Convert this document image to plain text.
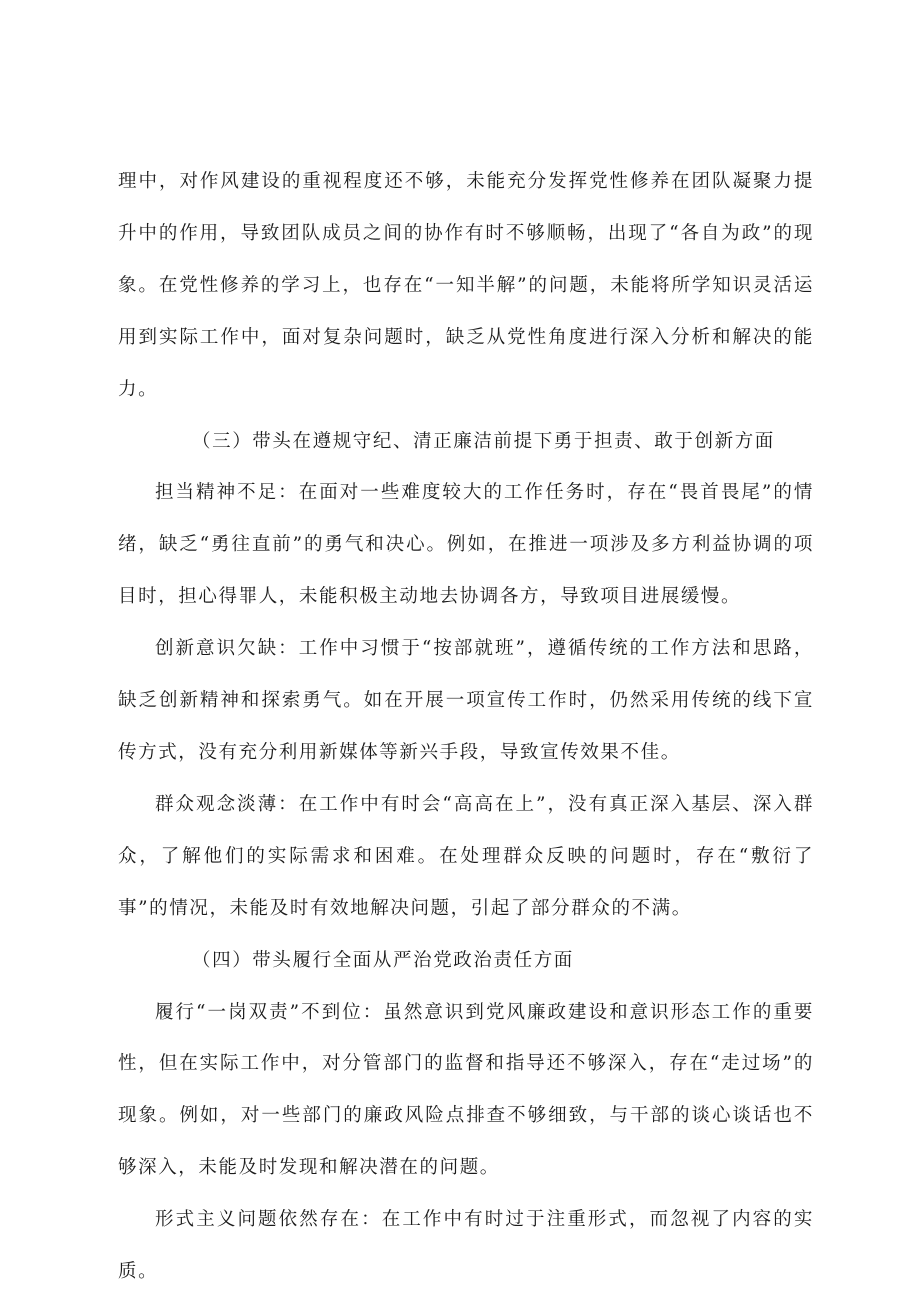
理中，对作风建设的重视程度还不够，未能充分发挥党性修养在团队凝聚力提升中的作用，导致团队成员之间的协作有时不够顺畅，出现了“各自为政”的现象。在党性修养的学习上，也存在“一知半解”的问题，未能将所学知识灵活运用到实际工作中，面对复杂问题时，缺乏从党性角度进行深入分析和解决的能力。

（三）带头在遵规守纪、清正廉洁前提下勇于担责、敢于创新方面

担当精神不足：在面对一些难度较大的工作任务时，存在“畏首畏尾”的情绪，缺乏“勇往直前”的勇气和决心。例如，在推进一项涉及多方利益协调的项目时，担心得罪人，未能积极主动地去协调各方，导致项目进展缓慢。

创新意识欠缺：工作中习惯于“按部就班”，遵循传统的工作方法和思路，缺乏创新精神和探索勇气。如在开展一项宣传工作时，仍然采用传统的线下宣传方式，没有充分利用新媒体等新兴手段，导致宣传效果不佳。

群众观念淡薄：在工作中有时会“高高在上”，没有真正深入基层、深入群众，了解他们的实际需求和困难。在处理群众反映的问题时，存在“敷衍了事”的情况，未能及时有效地解决问题，引起了部分群众的不满。

（四）带头履行全面从严治党政治责任方面

履行“一岗双责”不到位：虽然意识到党风廉政建设和意识形态工作的重要性，但在实际工作中，对分管部门的监督和指导还不够深入，存在“走过场”的现象。例如，对一些部门的廉政风险点排查不够细致，与干部的谈心谈话也不够深入，未能及时发现和解决潜在的问题。

形式主义问题依然存在：在工作中有时过于注重形式，而忽视了内容的实质。
